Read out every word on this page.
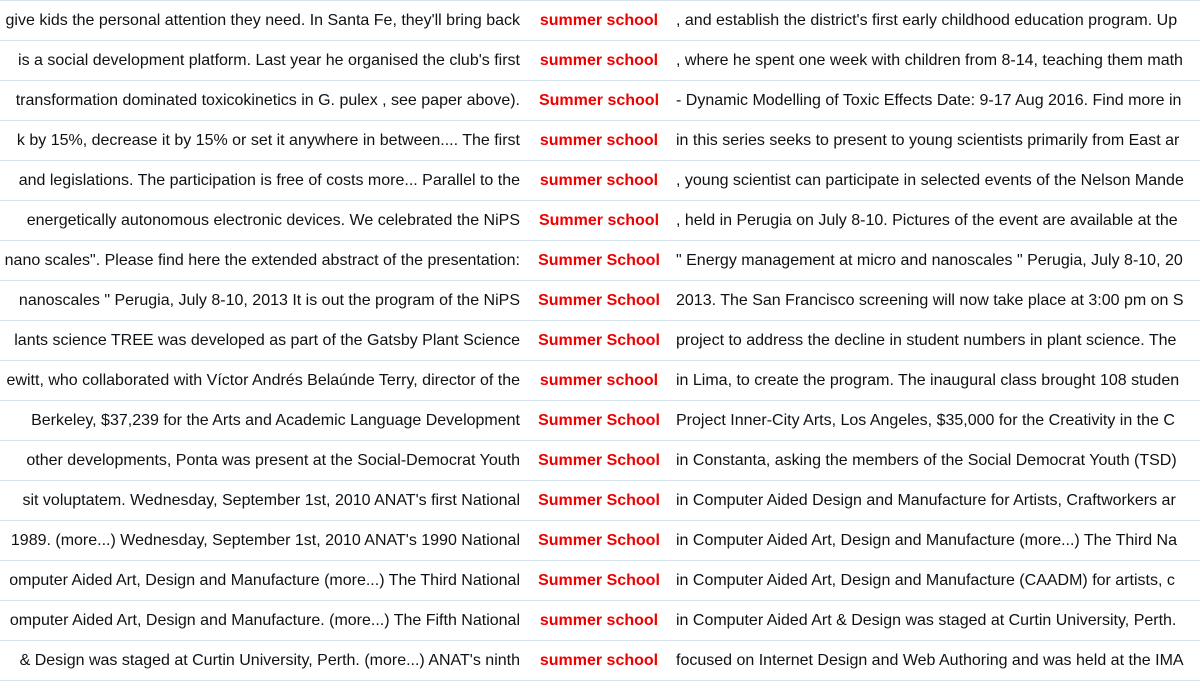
give kids the personal attention they need. In Santa Fe, they'll bring back	summer school	, and establish the district's first early childhood education program. Up
is a social development platform. Last year he organised the club's first	summer school	, where he spent one week with children from 8-14, teaching them math
transformation dominated toxicokinetics in G. pulex , see paper above).	Summer school	- Dynamic Modelling of Toxic Effects Date: 9-17 Aug 2016. Find more in
k by 15%, decrease it by 15% or set it anywhere in between.... The first	summer school	in this series seeks to present to young scientists primarily from East ar
and legislations. The participation is free of costs more... Parallel to the	summer school	, young scientist can participate in selected events of the Nelson Mande
energetically autonomous electronic devices. We celebrated the NiPS	Summer school	, held in Perugia on July 8-10. Pictures of the event are available at the
nano scales". Please find here the extended abstract of the presentation:	Summer School	" Energy management at micro and nanoscales " Perugia, July 8-10, 20
nanoscales " Perugia, July 8-10, 2013 It is out the program of the NiPS	Summer School	2013. The San Francisco screening will now take place at 3:00 pm on S
lants science TREE was developed as part of the Gatsby Plant Science	Summer School	project to address the decline in student numbers in plant science. The
ewitt, who collaborated with Víctor Andrés Belaúnde Terry, director of the	summer school	in Lima, to create the program. The inaugural class brought 108 studen
Berkeley, $37,239 for the Arts and Academic Language Development	Summer School	Project Inner-City Arts, Los Angeles, $35,000 for the Creativity in the C
other developments, Ponta was present at the Social-Democrat Youth	Summer School	in Constanta, asking the members of the Social Democrat Youth (TSD)
sit voluptatem. Wednesday, September 1st, 2010 ANAT's first National	Summer School	in Computer Aided Design and Manufacture for Artists, Craftworkers ar
1989. (more...) Wednesday, September 1st, 2010 ANAT's 1990 National	Summer School	in Computer Aided Art, Design and Manufacture (more...) The Third Na
omputer Aided Art, Design and Manufacture (more...) The Third National	Summer School	in Computer Aided Art, Design and Manufacture (CAADM) for artists, c
omputer Aided Art, Design and Manufacture. (more...) The Fifth National	summer school	in Computer Aided Art & Design was staged at Curtin University, Perth.
& Design was staged at Curtin University, Perth. (more...) ANAT's ninth	summer school	focused on Internet Design and Web Authoring and was held at the IMA
